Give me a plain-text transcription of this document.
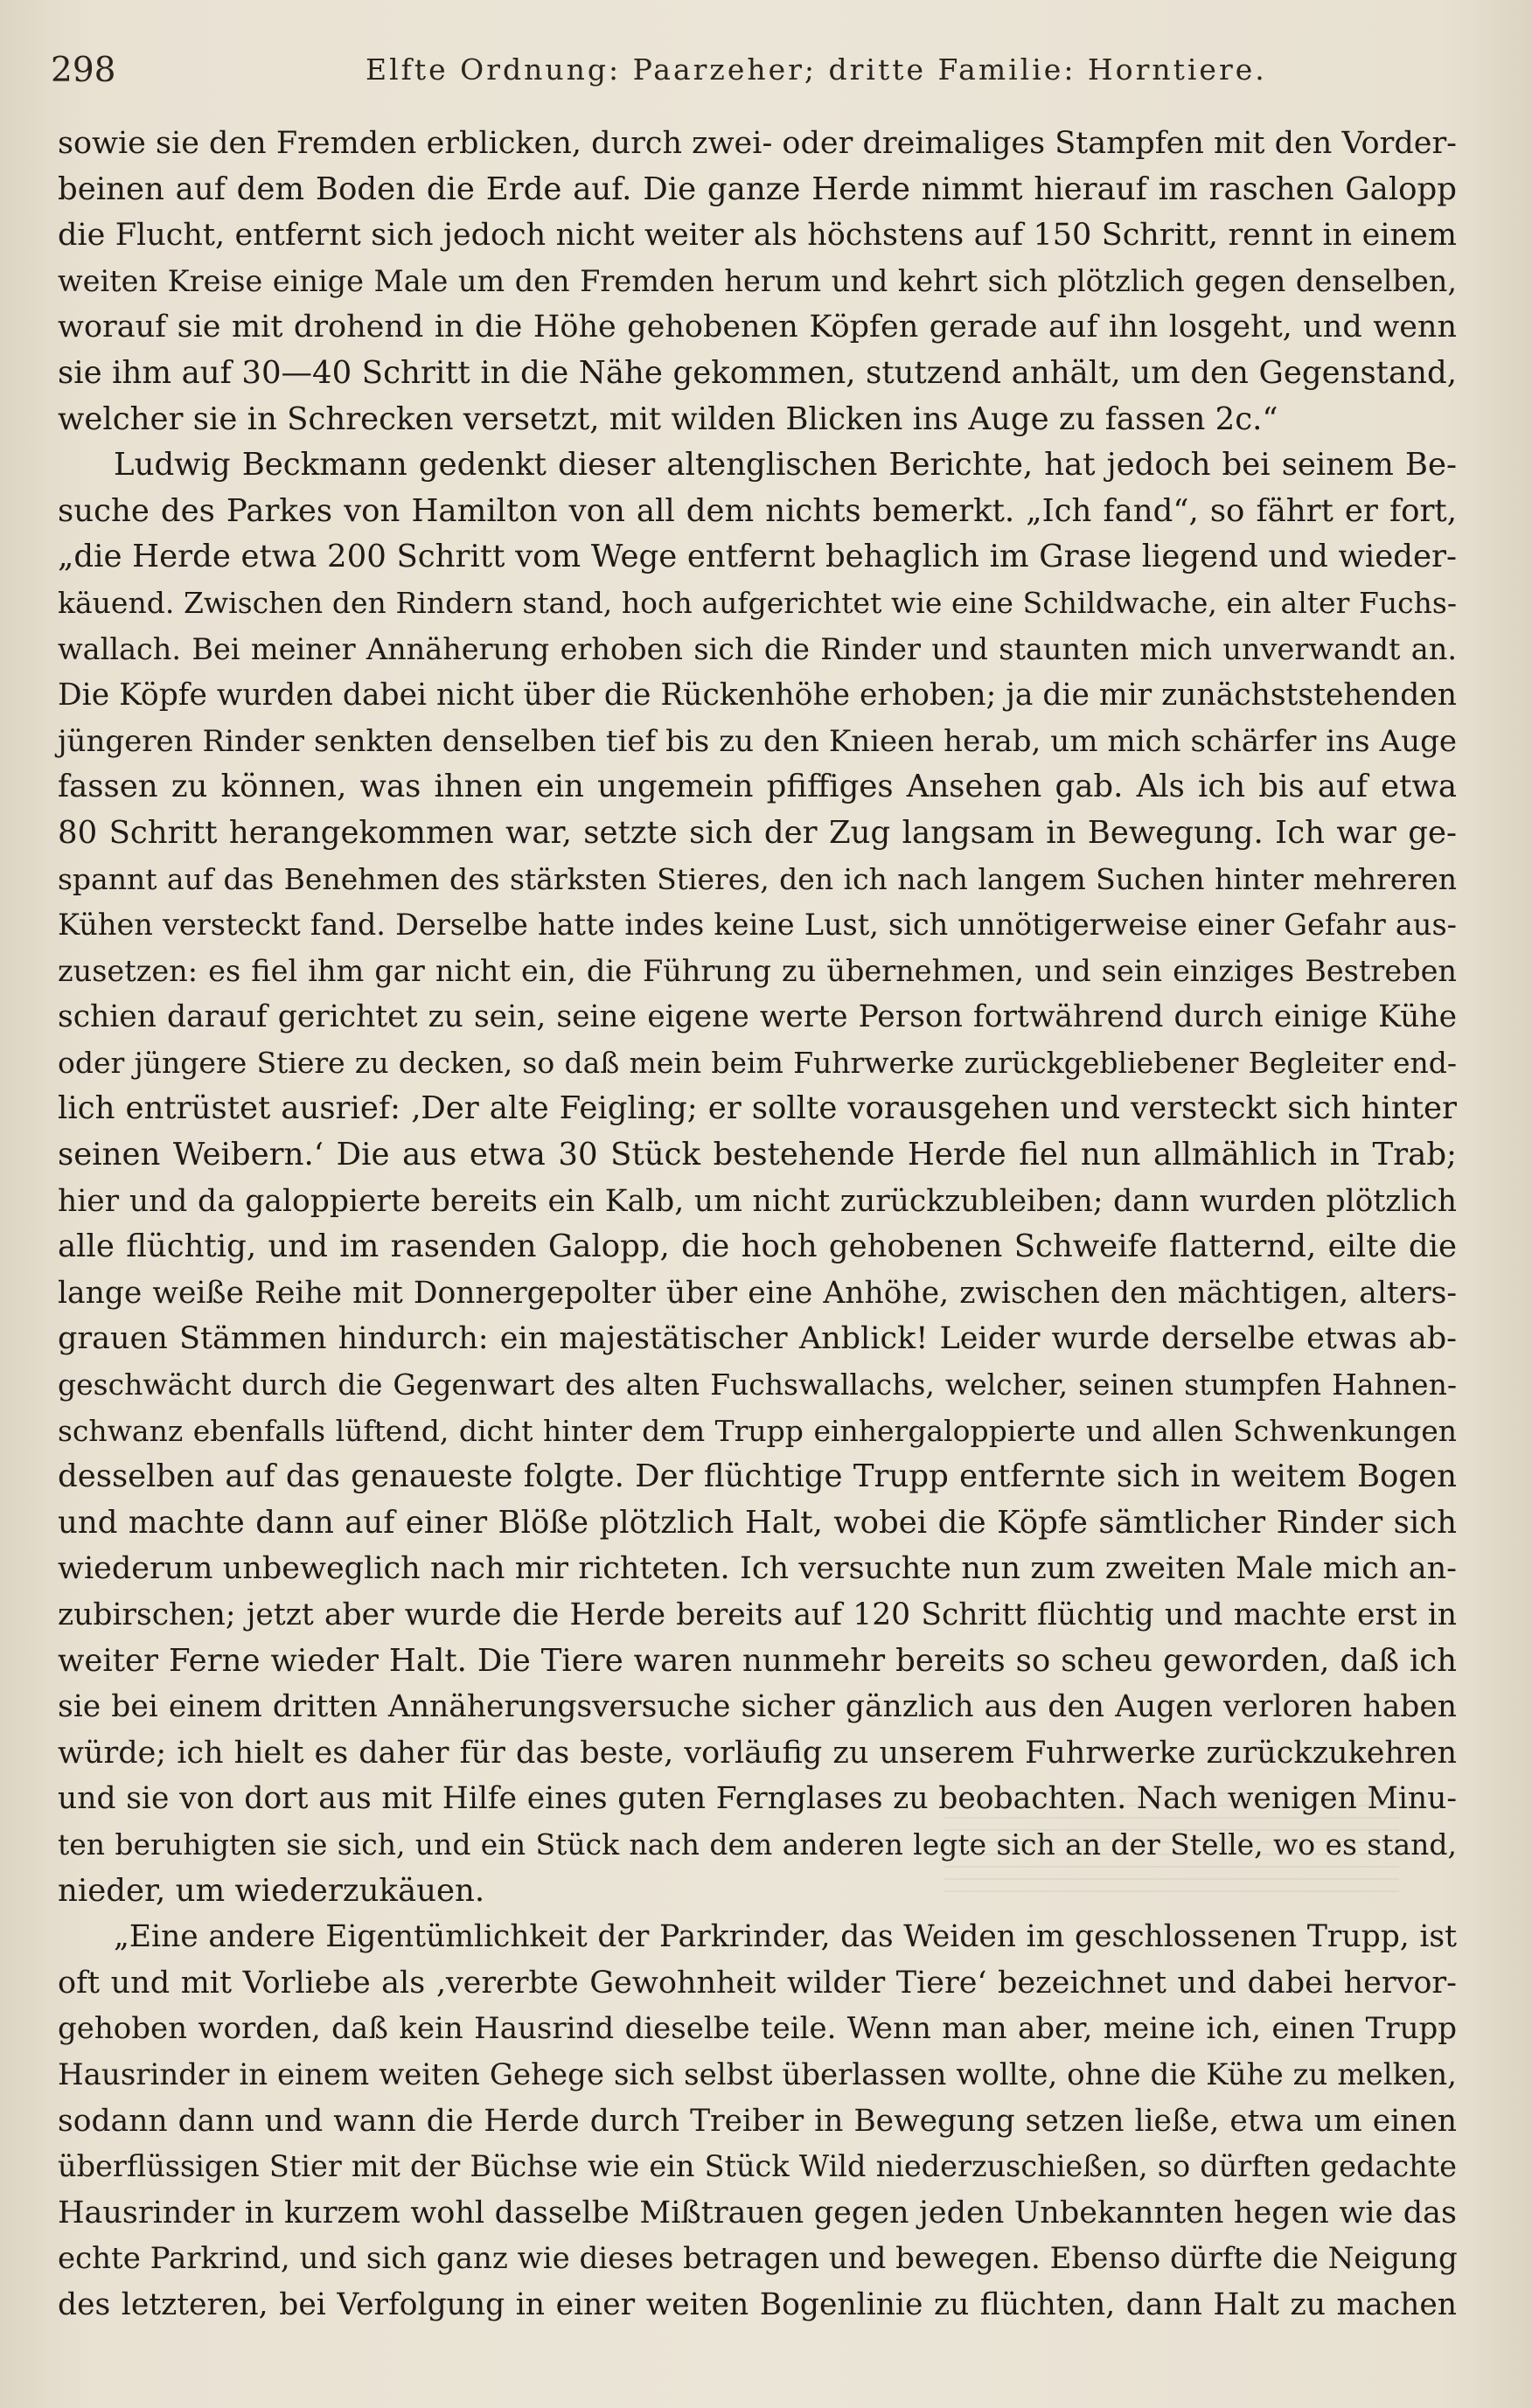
298	Elfte Ordnung: Paarzeher; dritte Familie: Horntiere.
sowie sie den Fremden erblicken, durch zwei- oder dreimaliges Stampfen mit den Vorder-
beinen auf dem Boden die Erde auf. Die ganze Herde nimmt hierauf im raschen Galopp
die Flucht, entfernt sich jedoch nicht weiter als höchstens auf 150 Schritt, rennt in einem
weiten Kreise einige Male um den Fremden herum und kehrt sich plötzlich gegen denselben,
worauf sie mit drohend in die Höhe gehobenen Köpfen gerade auf ihn losgeht, und wenn
sie ihm auf 30—40 Schritt in die Nähe gekommen, stutzend anhält, um den Gegenstand,
welcher sie in Schrecken versetzt, mit wilden Blicken ins Auge zu fassen 2c.“
Ludwig Beckmann gedenkt dieser altenglischen Berichte, hat jedoch bei seinem Be-
suche des Parkes von Hamilton von all dem nichts bemerkt. „Ich fand“, so fährt er fort,
„die Herde etwa 200 Schritt vom Wege entfernt behaglich im Grase liegend und wieder-
käuend. Zwischen den Rindern stand, hoch aufgerichtet wie eine Schildwache, ein alter Fuchs-
wallach. Bei meiner Annäherung erhoben sich die Rinder und staunten mich unverwandt an.
Die Köpfe wurden dabei nicht über die Rückenhöhe erhoben; ja die mir zunächststehenden
jüngeren Rinder senkten denselben tief bis zu den Knieen herab, um mich schärfer ins Auge
fassen zu können, was ihnen ein ungemein pfiffiges Ansehen gab. Als ich bis auf etwa
80 Schritt herangekommen war, setzte sich der Zug langsam in Bewegung. Ich war ge-
spannt auf das Benehmen des stärksten Stieres, den ich nach langem Suchen hinter mehreren
Kühen versteckt fand. Derselbe hatte indes keine Lust, sich unnötigerweise einer Gefahr aus-
zusetzen: es fiel ihm gar nicht ein, die Führung zu übernehmen, und sein einziges Bestreben
schien darauf gerichtet zu sein, seine eigene werte Person fortwährend durch einige Kühe
oder jüngere Stiere zu decken, so daß mein beim Fuhrwerke zurückgebliebener Begleiter end-
lich entrüstet ausrief: ‚Der alte Feigling; er sollte vorausgehen und versteckt sich hinter
seinen Weibern.‘ Die aus etwa 30 Stück bestehende Herde fiel nun allmählich in Trab;
hier und da galoppierte bereits ein Kalb, um nicht zurückzubleiben; dann wurden plötzlich
alle flüchtig, und im rasenden Galopp, die hoch gehobenen Schweife flatternd, eilte die
lange weiße Reihe mit Donnergepolter über eine Anhöhe, zwischen den mächtigen, alters-
grauen Stämmen hindurch: ein majestätischer Anblick! Leider wurde derselbe etwas ab-
geschwächt durch die Gegenwart des alten Fuchswallachs, welcher, seinen stumpfen Hahnen-
schwanz ebenfalls lüftend, dicht hinter dem Trupp einhergaloppierte und allen Schwenkungen
desselben auf das genaueste folgte. Der flüchtige Trupp entfernte sich in weitem Bogen
und machte dann auf einer Blöße plötzlich Halt, wobei die Köpfe sämtlicher Rinder sich
wiederum unbeweglich nach mir richteten. Ich versuchte nun zum zweiten Male mich an-
zubirschen; jetzt aber wurde die Herde bereits auf 120 Schritt flüchtig und machte erst in
weiter Ferne wieder Halt. Die Tiere waren nunmehr bereits so scheu geworden, daß ich
sie bei einem dritten Annäherungsversuche sicher gänzlich aus den Augen verloren haben
würde; ich hielt es daher für das beste, vorläufig zu unserem Fuhrwerke zurückzukehren
und sie von dort aus mit Hilfe eines guten Fernglases zu beobachten. Nach wenigen Minu-
ten beruhigten sie sich, und ein Stück nach dem anderen legte sich an der Stelle, wo es stand,
nieder, um wiederzukäuen.
„Eine andere Eigentümlichkeit der Parkrinder, das Weiden im geschlossenen Trupp, ist
oft und mit Vorliebe als ‚vererbte Gewohnheit wilder Tiere‘ bezeichnet und dabei hervor-
gehoben worden, daß kein Hausrind dieselbe teile. Wenn man aber, meine ich, einen Trupp
Hausrinder in einem weiten Gehege sich selbst überlassen wollte, ohne die Kühe zu melken,
sodann dann und wann die Herde durch Treiber in Bewegung setzen ließe, etwa um einen
überflüssigen Stier mit der Büchse wie ein Stück Wild niederzuschießen, so dürften gedachte
Hausrinder in kurzem wohl dasselbe Mißtrauen gegen jeden Unbekannten hegen wie das
echte Parkrind, und sich ganz wie dieses betragen und bewegen. Ebenso dürfte die Neigung
des letzteren, bei Verfolgung in einer weiten Bogenlinie zu flüchten, dann Halt zu machen
